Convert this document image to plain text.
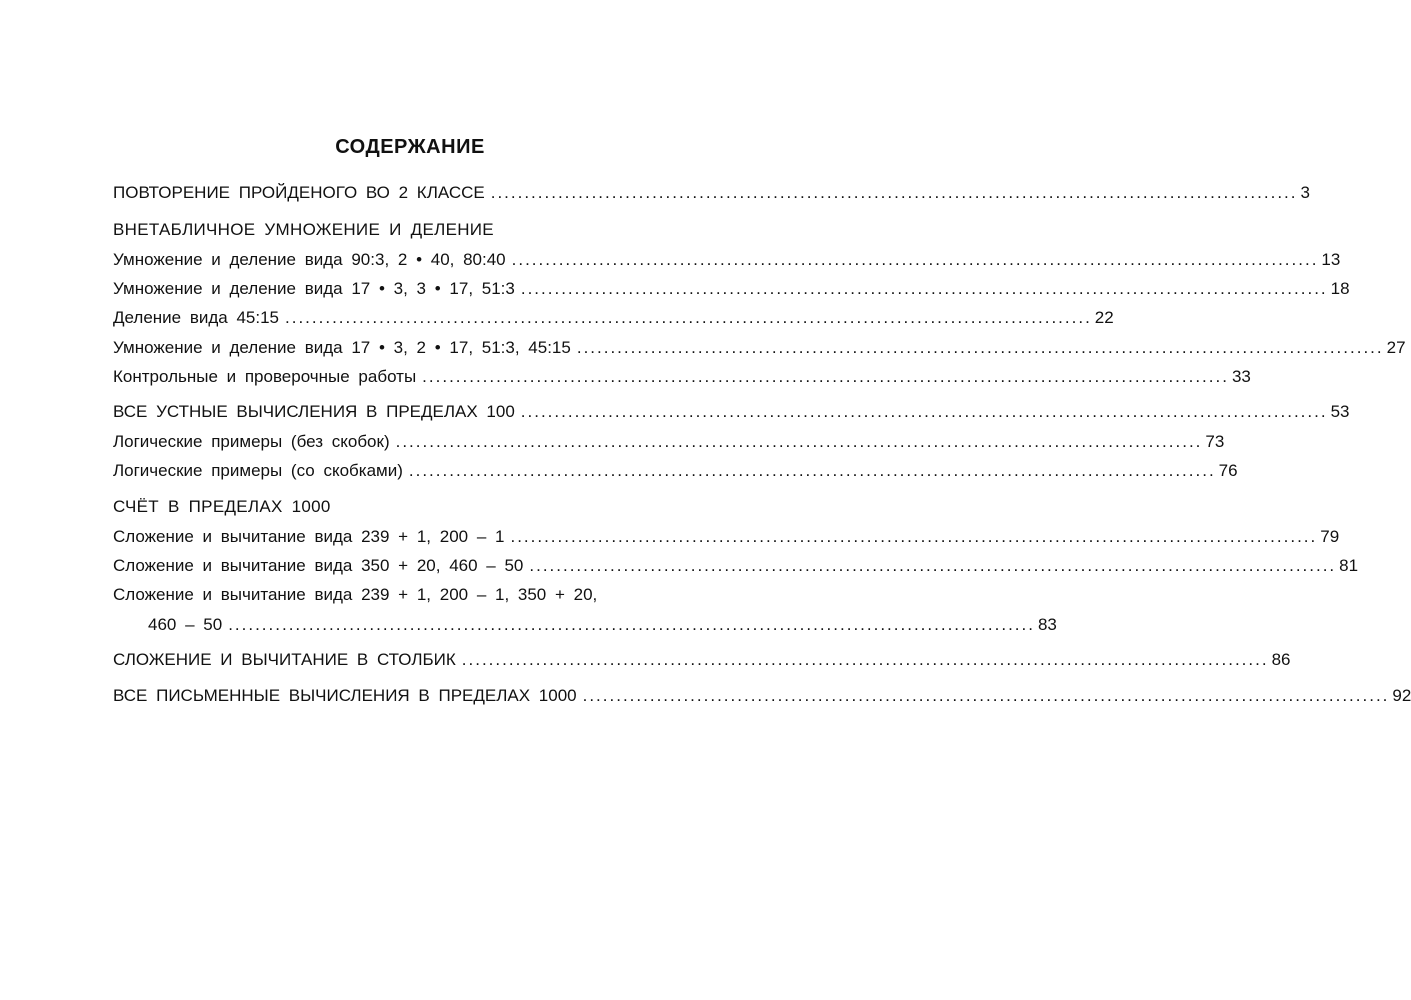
СОДЕРЖАНИЕ
ПОВТОРЕНИЕ ПРОЙДЕНОГО ВО 2 КЛАССЕ ........................................................................................................................ 3
ВНЕТАБЛИЧНОЕ УМНОЖЕНИЕ И ДЕЛЕНИЕ
Умножение и деление вида 90:3, 2 • 40, 80:40 ........................................................................................................................ 13
Умножение и деление вида 17 • 3, 3 • 17, 51:3 ........................................................................................................................ 18
Деление вида 45:15 ........................................................................................................................ 22
Умножение и деление вида 17 • 3, 2 • 17, 51:3, 45:15 ........................................................................................................................ 27
Контрольные и проверочные работы ........................................................................................................................ 33
ВСЕ УСТНЫЕ ВЫЧИСЛЕНИЯ В ПРЕДЕЛАХ 100 ........................................................................................................................ 53
Логические примеры (без скобок) ........................................................................................................................ 73
Логические примеры (со скобками) ........................................................................................................................ 76
СЧЁТ В ПРЕДЕЛАХ 1000
Сложение и вычитание вида 239 + 1, 200 – 1 ........................................................................................................................ 79
Сложение и вычитание вида 350 + 20, 460 – 50 ........................................................................................................................ 81
Сложение и вычитание вида 239 + 1, 200 – 1, 350 + 20,
460 – 50 ........................................................................................................................ 83
СЛОЖЕНИЕ И ВЫЧИТАНИЕ В СТОЛБИК ........................................................................................................................ 86
ВСЕ ПИСЬМЕННЫЕ ВЫЧИСЛЕНИЯ В ПРЕДЕЛАХ 1000 ........................................................................................................................ 92
